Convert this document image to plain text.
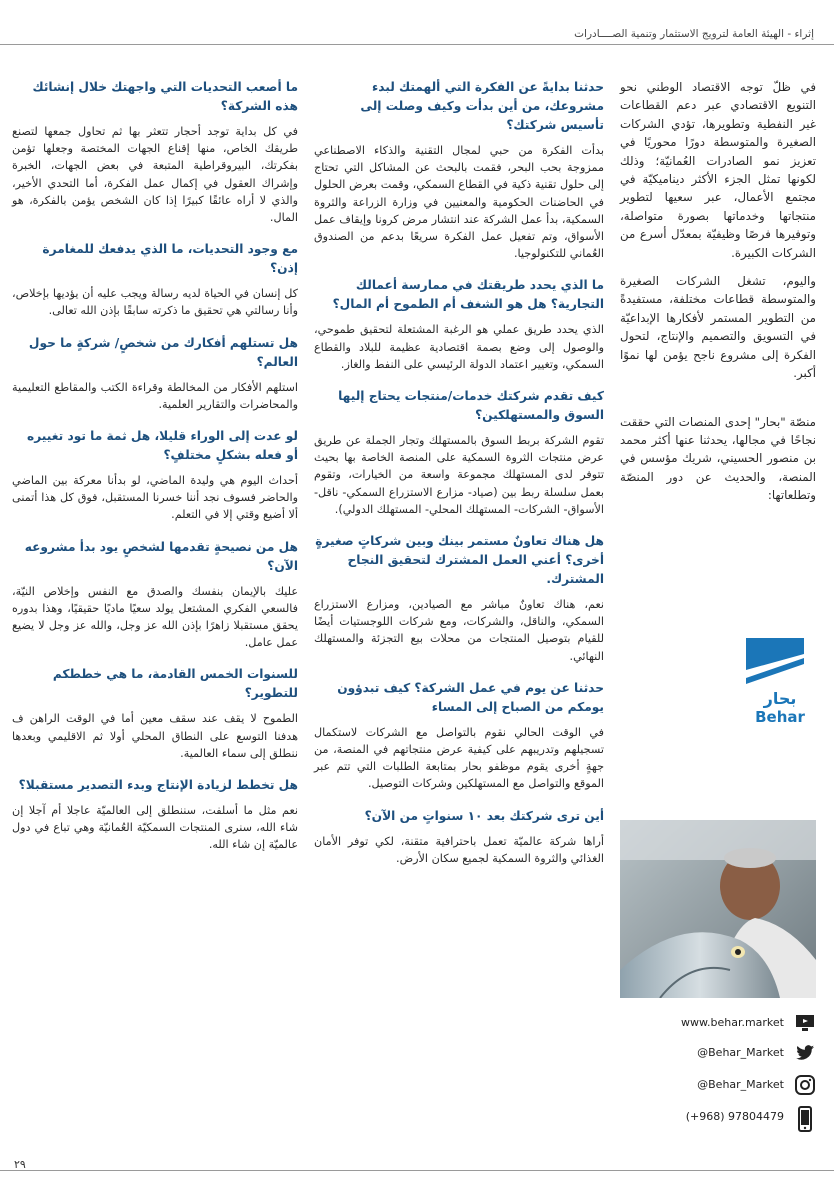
إثراء - الهيئة العامة لترويج الاستثمار وتنمية الصــــادرات

في ظلّ توجه الاقتصاد الوطني نحو التنويع الاقتصادي عبر دعم القطاعات غير النفطية وتطويرها، تؤدي الشركات الصغيرة والمتوسطة دورًا محوريًا في تعزيز نمو الصادرات العُمانيّة؛ وذلك لكونها تمثل الجزء الأكثر ديناميكيّة في مجتمع الأعمال، عبر سعيها لتطوير منتجاتها وخدماتها بصورة متواصلة، وتوفيرها فرصًا وظيفيّة بمعدّل أسرع من الشركات الكبيرة.

واليوم، تشغل الشركات الصغيرة والمتوسطة قطاعات مختلفة، مستفيدةً من التطوير المستمر لأفكارها الإبداعيّة في التسويق والتصميم والإنتاج، لتحول الفكرة إلى مشروع ناجح يؤمن لها نموًا أكبر.

منصّة "بحار" إحدى المنصات التي حققت نجاحًا في مجالها، يحدثنا عنها أكثر محمد بن منصور الحسيني، شريك مؤسس في المنصة، والحديث عن دور المنصّة وتطلعاتها:

بحار
Behar
www.behar.market
@Behar_Market
@Behar_Market
(+968) 97804479

حدثنا بدايةً عن الفكرة التي ألهمتك لبدء مشروعك، من أين بدأت وكيف وصلت إلى تأسيس شركتك؟

بدأت الفكرة من حبي لمجال التقنية والذكاء الاصطناعي ممزوجة بحب البحر، فقمت بالبحث عن المشاكل التي تحتاج إلى حلول تقنية ذكية في القطاع السمكي، وقمت بعرض الحلول في الحاضنات الحكومية والمعنيين في وزارة الزراعة والثروة السمكية، بدأ عمل الشركة عند انتشار مرض كرونا وإيقاف عمل الأسواق، وتم تفعيل عمل الفكرة سريعًا بدعم من الصندوق العُماني للتكنولوجيا.

ما الذي يحدد طريقتك في ممارسة أعمالك التجارية؟ هل هو الشغف أم الطموح أم المال؟

الذي يحدد طريق عملي هو الرغبة المشتعلة لتحقيق طموحي، والوصول إلى وضع بصمة اقتصادية عظيمة للبلاد والقطاع السمكي، وتغيير اعتماد الدولة الرئيسي على النفط والغاز.

كيف تقدم شركتك خدمات/منتجات يحتاج إليها السوق والمستهلكين؟

تقوم الشركة بربط السوق بالمستهلك وتجار الجملة عن طريق عرض منتجات الثروة السمكية على المنصة الخاصة بها بحيث تتوفر لدى المستهلك مجموعة واسعة من الخيارات، وتقوم بعمل سلسلة ربط بين (صياد- مزارع الاستزراع السمكي- ناقل- الأسواق- الشركات- المستهلك المحلي- المستهلك الدولي).

هل هناك تعاونٌ مستمر بينك وبين شركاتٍ صغيرةٍ أخرى؟ أعني العمل المشترك لتحقيق النجاح المشترك.

نعم، هناك تعاونٌ مباشر مع الصيادين، ومزارع الاستزراع السمكي، والناقل، والشركات، ومع شركات اللوجستيات أيضًا للقيام بتوصيل المنتجات من محلات بيع التجزئة والمستهلك النهائي.

حدثنا عن يوم في عمل الشركة؟ كيف تبدؤون يومكم من الصباح إلى المساء

في الوقت الحالي نقوم بالتواصل مع الشركات لاستكمال تسجيلهم وتدريبهم على كيفية عرض منتجاتهم في المنصة، من جهةٍ أخرى يقوم موظفو بحار بمتابعة الطلبات التي تتم عبر الموقع والتواصل مع المستهلكين وشركات التوصيل.

أين ترى شركتك بعد ١٠ سنواتٍ من الآن؟

أراها شركة عالميّة تعمل باحترافية متقنة، لكي توفر الأمان الغذائي والثروة السمكية لجميع سكان الأرض.

ما أصعب التحديات التي واجهتك خلال إنشائك هذه الشركة؟

في كل بداية توجد أحجار تتعثر بها ثم تحاول جمعها لتصنع طريقك الخاص، منها إقناع الجهات المختصة وجعلها تؤمن بفكرتك، البيروقراطية المتبعة في بعض الجهات، الخبرة وإشراك العقول في إكمال عمل الفكرة، أما التحدي الأخير، والذي لا أراه عائقًا كبيرًا إذا كان الشخص يؤمن بالفكرة، هو المال.

مع وجود التحديات، ما الذي يدفعك للمغامرة إذن؟

كل إنسان في الحياة لديه رسالة ويجب عليه أن يؤديها بإخلاص، وأنا رسالتي هي تحقيق ما ذكرته سابقًا بإذن الله تعالى.

هل تستلهم أفكارك من شخصٍ/ شركةٍ ما حول العالم؟

استلهم الأفكار من المخالطة وقراءة الكتب والمقاطع التعليمية والمحاضرات والتقارير العلمية.

لو عدت إلى الوراء قليلا، هل ثمة ما تود تغييره أو فعله بشكلٍ مختلفٍ؟

أحداث اليوم هي وليدة الماضي، لو بدأنا معركة بين الماضي والحاضر فسوف نجد أننا خسرنا المستقبل، فوق كل هذا أتمنى ألا أضيع وقتي إلا في التعلم.

هل من نصيحةٍ تقدمها لشخصٍ يود بدأ مشروعه الآن؟

عليك بالإيمان بنفسك والصدق مع النفس وإخلاص النيّة، فالسعي الفكري المشتعل يولد سعيًا ماديًا حقيقيًا، وهذا بدوره يحقق مستقبلا زاهرًا بإذن الله عز وجل، والله عز وجل لا يضيع عمل عامل.

للسنوات الخمس القادمة، ما هي خططكم للتطوير؟

الطموح لا يقف عند سقف معين أما في الوقت الراهن ف هدفنا التوسع على النطاق المحلي أولا ثم الاقليمي وبعدها ننطلق إلى سماء العالمية.

هل تخطط لزيادة الإنتاج وبدء التصدير مستقبلا؟

نعم مثل ما أسلفت، سننطلق إلى العالميّة عاجلا أم آجلا إن شاء الله، سنرى المنتجات السمكيّة العُمانيّة وهي تباع في دول عالميّة إن شاء الله.

٢٩
